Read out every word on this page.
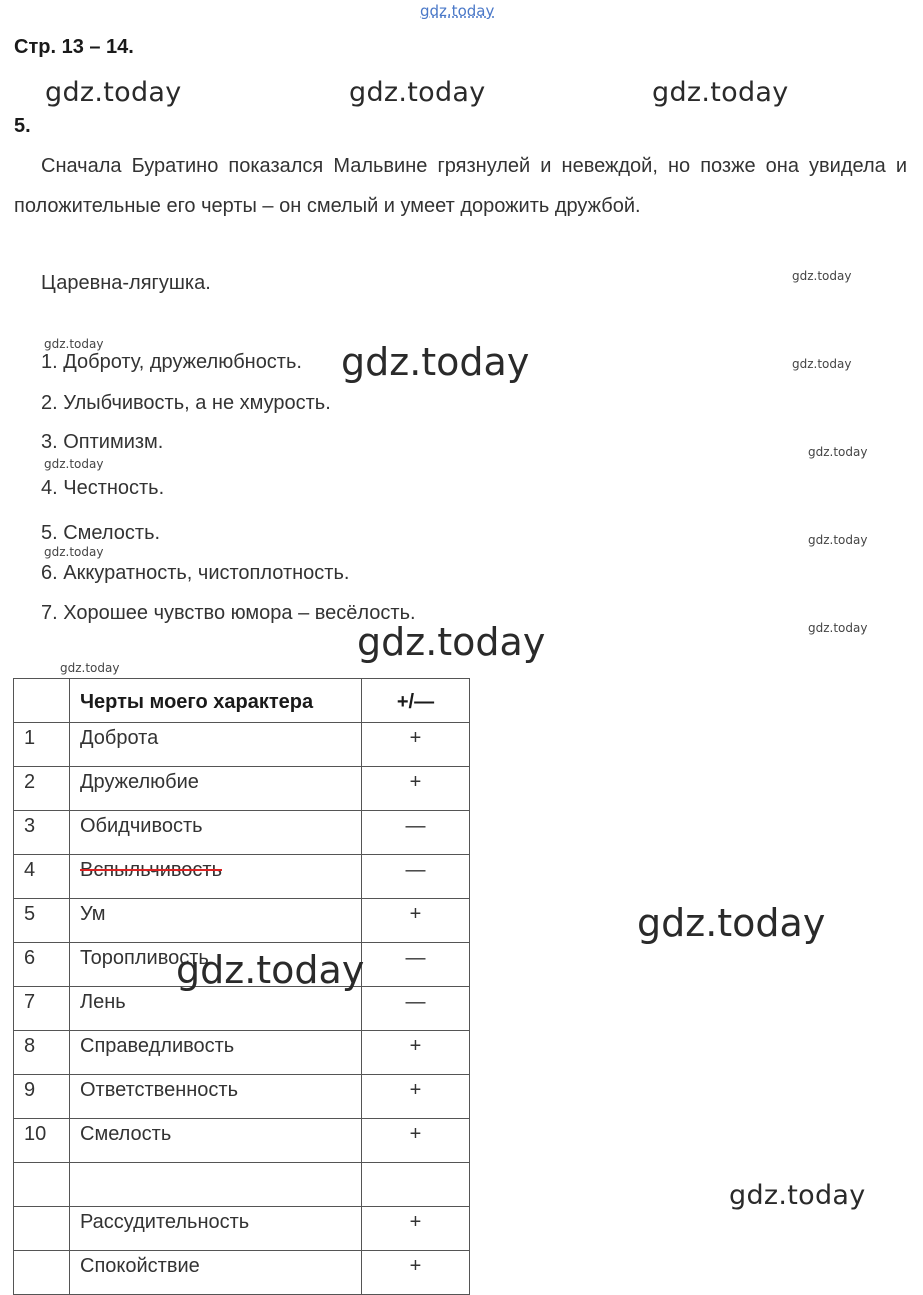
gdz.today
gdz.today	gdz.today	gdz.today
gdz.today
gdz.today	gdz.today	gdz.today
gdz.today
gdz.today
gdz.today
gdz.today
gdz.today
gdz.today
gdz.today
Стр. 13 – 14.
5.
Сначала Буратино показался Мальвине грязнулей и невеждой, но позже она увидела и положительные его черты – он смелый и умеет дорожить дружбой.
Царевна-лягушка.
1. Доброту, дружелюбность.
2. Улыбчивость, а не хмурость.
3. Оптимизм.
4. Честность.
5. Смелость.
6. Аккуратность, чистоплотность.
7. Хорошее чувство юмора – весёлость.
	Черты моего характера	+/—
1	Доброта	+
2	Дружелюбие	+
3	Обидчивость	—
4	Вспыльчивость	—
5	Ум	+
6	Торопливость	—
7	Лень	—
8	Справедливость	+
9	Ответственность	+
10	Смелость	+

	Рассудительность	+
	Спокойствие	+
gdz.today
gdz.today
gdz.today
